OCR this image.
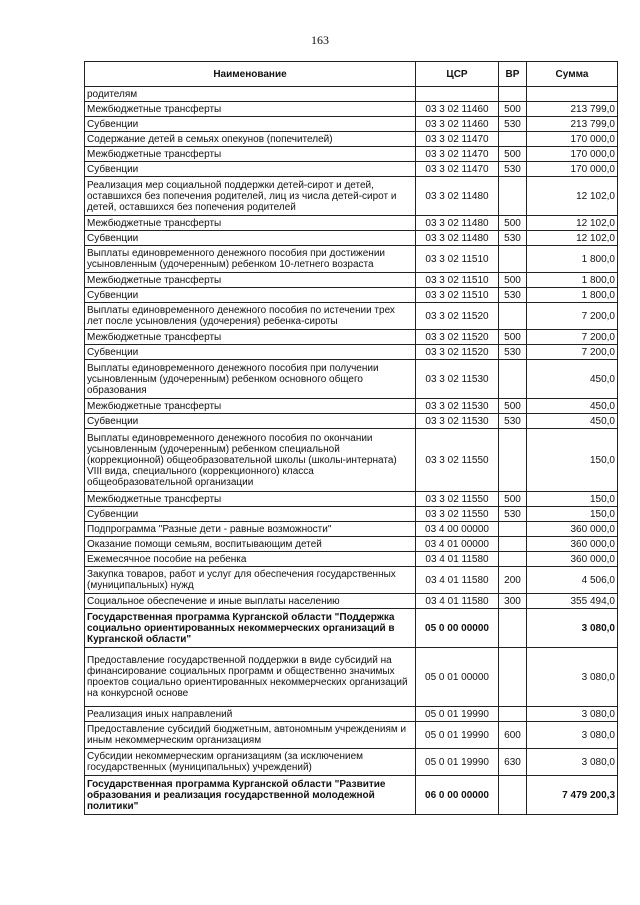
163
Наименование	ЦСР	ВР	Сумма
родителям			
Межбюджетные трансферты	03 3 02 11460	500	213 799,0
Субвенции	03 3 02 11460	530	213 799,0
Содержание детей в семьях опекунов (попечителей)	03 3 02 11470		170 000,0
Межбюджетные трансферты	03 3 02 11470	500	170 000,0
Субвенции	03 3 02 11470	530	170 000,0
Реализация мер социальной поддержки детей-сирот и детей, оставшихся без попечения родителей, лиц из числа детей-сирот и детей, оставшихся без попечения родителей	03 3 02 11480		12 102,0
Межбюджетные трансферты	03 3 02 11480	500	12 102,0
Субвенции	03 3 02 11480	530	12 102,0
Выплаты единовременного денежного пособия при достижении усыновленным (удочеренным) ребенком 10-летнего возраста	03 3 02 11510		1 800,0
Межбюджетные трансферты	03 3 02 11510	500	1 800,0
Субвенции	03 3 02 11510	530	1 800,0
Выплаты единовременного денежного пособия по истечении трех лет после усыновления (удочерения) ребенка-сироты	03 3 02 11520		7 200,0
Межбюджетные трансферты	03 3 02 11520	500	7 200,0
Субвенции	03 3 02 11520	530	7 200,0
Выплаты единовременного денежного пособия при получении усыновленным (удочеренным) ребенком основного общего образования	03 3 02 11530		450,0
Межбюджетные трансферты	03 3 02 11530	500	450,0
Субвенции	03 3 02 11530	530	450,0
Выплаты единовременного денежного пособия по окончании усыновленным (удочеренным) ребенком специальной (коррекционной) общеобразовательной школы (школы-интерната) VIII вида, специального (коррекционного) класса общеобразовательной организации	03 3 02 11550		150,0
Межбюджетные трансферты	03 3 02 11550	500	150,0
Субвенции	03 3 02 11550	530	150,0
Подпрограмма "Разные дети - равные возможности"	03 4 00 00000		360 000,0
Оказание помощи семьям, воспитывающим детей	03 4 01 00000		360 000,0
Ежемесячное пособие на ребенка	03 4 01 11580		360 000,0
Закупка товаров, работ и услуг для обеспечения государственных (муниципальных) нужд	03 4 01 11580	200	4 506,0
Социальное обеспечение и иные выплаты населению	03 4 01 11580	300	355 494,0
Государственная программа Курганской области "Поддержка социально ориентированных некоммерческих организаций в Курганской области"	05 0 00 00000		3 080,0
Предоставление государственной поддержки в виде субсидий на финансирование социальных программ и общественно значимых проектов социально ориентированных некоммерческих организаций на конкурсной основе	05 0 01 00000		3 080,0
Реализация иных направлений	05 0 01 19990		3 080,0
Предоставление субсидий бюджетным, автономным учреждениям и иным некоммерческим организациям	05 0 01 19990	600	3 080,0
Субсидии некоммерческим организациям (за исключением государственных (муниципальных) учреждений)	05 0 01 19990	630	3 080,0
Государственная программа Курганской области "Развитие образования и реализация государственной молодежной политики"	06 0 00 00000		7 479 200,3
